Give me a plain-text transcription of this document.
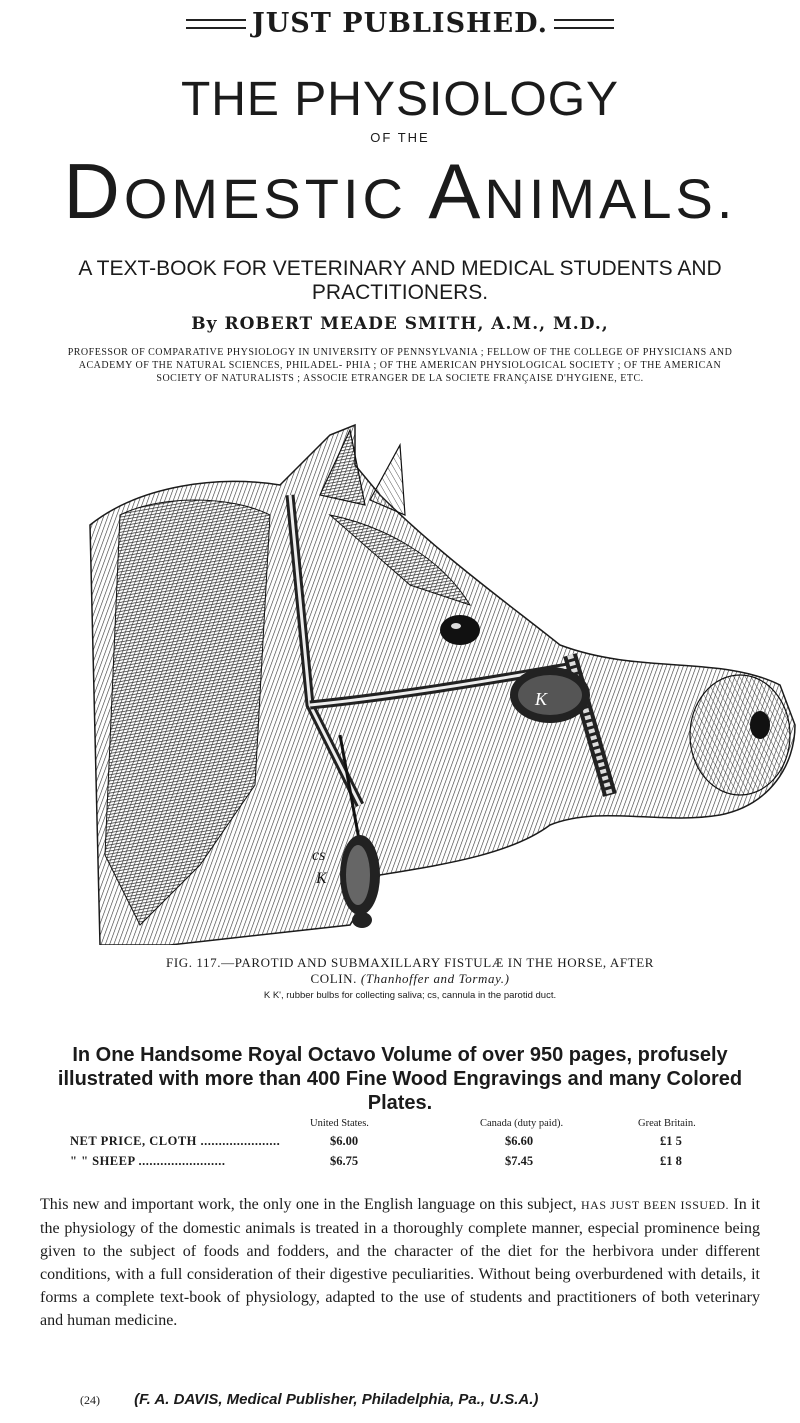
JUST PUBLISHED.
THE PHYSIOLOGY
OF THE
DOMESTIC ANIMALS.
A TEXT-BOOK FOR VETERINARY AND MEDICAL STUDENTS AND PRACTITIONERS.
By ROBERT MEADE SMITH, A.M., M.D.,
PROFESSOR OF COMPARATIVE PHYSIOLOGY IN UNIVERSITY OF PENNSYLVANIA ; FELLOW OF THE COLLEGE OF PHYSICIANS AND ACADEMY OF THE NATURAL SCIENCES, PHILADEL- PHIA ; OF THE AMERICAN PHYSIOLOGICAL SOCIETY ; OF THE AMERICAN SOCIETY OF NATURALISTS ; ASSOCIE ETRANGER DE LA SOCIETE FRANÇAISE D'HYGIENE, ETC.
K
cs
K
FIG. 117.—PAROTID AND SUBMAXILLARY FISTULÆ IN THE HORSE, AFTER
COLIN. (Thanhoffer and Tormay.)
K K', rubber bulbs for collecting saliva; cs, cannula in the parotid duct.
In One Handsome Royal Octavo Volume of over 950 pages, profusely illustrated with more than 400 Fine Wood Engravings and many Colored Plates.
United States.	Canada (duty paid).	Great Britain.
NET PRICE, CLOTH ......................	$6.00	$6.60	£1 5
" " SHEEP ........................	$6.75	$7.45	£1 8
This new and important work, the only one in the English language on this subject, HAS JUST BEEN ISSUED. In it the physiology of the domestic animals is treated in a thoroughly complete manner, especial prominence being given to the subject of foods and fodders, and the character of the diet for the herbivora under different conditions, with a full consideration of their digestive peculiarities. Without being overburdened with details, it forms a complete text-book of physiology, adapted to the use of students and practitioners of both veterinary and human medicine.
(24) (F. A. DAVIS, Medical Publisher, Philadelphia, Pa., U.S.A.)
